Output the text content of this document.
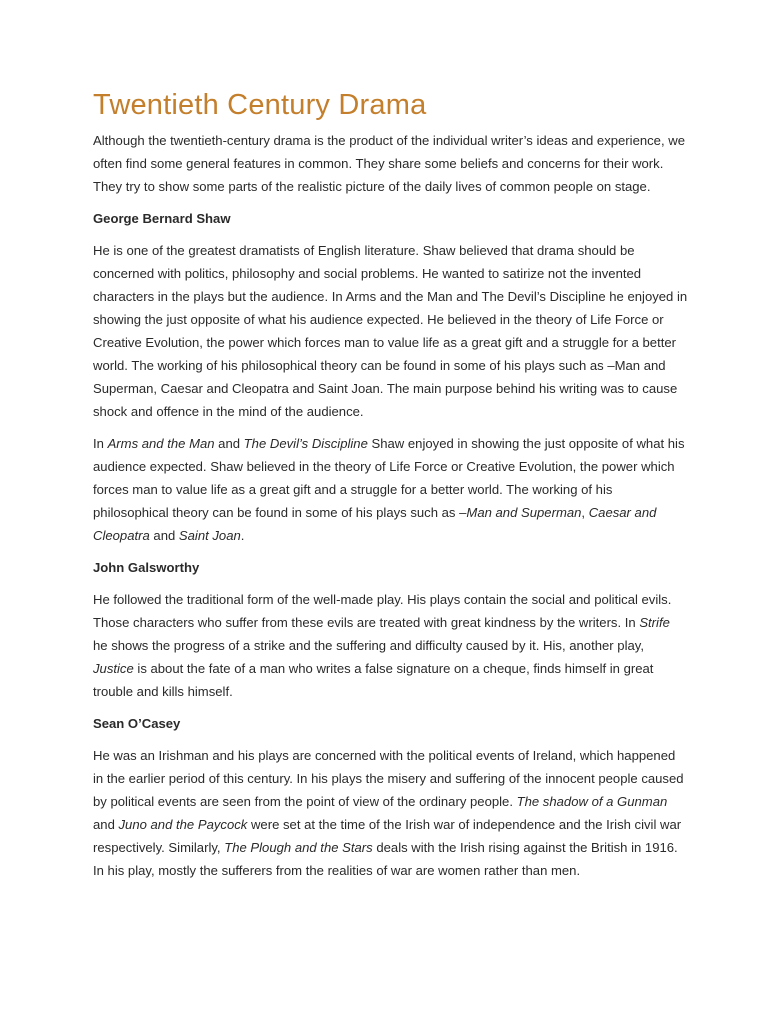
Twentieth Century Drama

Although the twentieth-century drama is the product of the individual writer’s ideas and experience, we often find some general features in common. They share some beliefs and concerns for their work. They try to show some parts of the realistic picture of the daily lives of common people on stage.

George Bernard Shaw

He is one of the greatest dramatists of English literature. Shaw believed that drama should be concerned with politics, philosophy and social problems. He wanted to satirize not the invented characters in the plays but the audience. In Arms and the Man and The Devil’s Discipline he enjoyed in showing the just opposite of what his audience expected. He believed in the theory of Life Force or Creative Evolution, the power which forces man to value life as a great gift and a struggle for a better world. The working of his philosophical theory can be found in some of his plays such as –Man and Superman, Caesar and Cleopatra and Saint Joan. The main purpose behind his writing was to cause shock and offence in the mind of the audience.

In Arms and the Man and The Devil’s Discipline Shaw enjoyed in showing the just opposite of what his audience expected. Shaw believed in the theory of Life Force or Creative Evolution, the power which forces man to value life as a great gift and a struggle for a better world. The working of his philosophical theory can be found in some of his plays such as –Man and Superman, Caesar and Cleopatra and Saint Joan.

John Galsworthy

He followed the traditional form of the well-made play. His plays contain the social and political evils. Those characters who suffer from these evils are treated with great kindness by the writers. In Strife he shows the progress of a strike and the suffering and difficulty caused by it. His, another play, Justice is about the fate of a man who writes a false signature on a cheque, finds himself in great trouble and kills himself.

Sean O’Casey

He was an Irishman and his plays are concerned with the political events of Ireland, which happened in the earlier period of this century. In his plays the misery and suffering of the innocent people caused by political events are seen from the point of view of the ordinary people. The shadow of a Gunman and Juno and the Paycock were set at the time of the Irish war of independence and the Irish civil war respectively. Similarly, The Plough and the Stars deals with the Irish rising against the British in 1916. In his play, mostly the sufferers from the realities of war are women rather than men.
